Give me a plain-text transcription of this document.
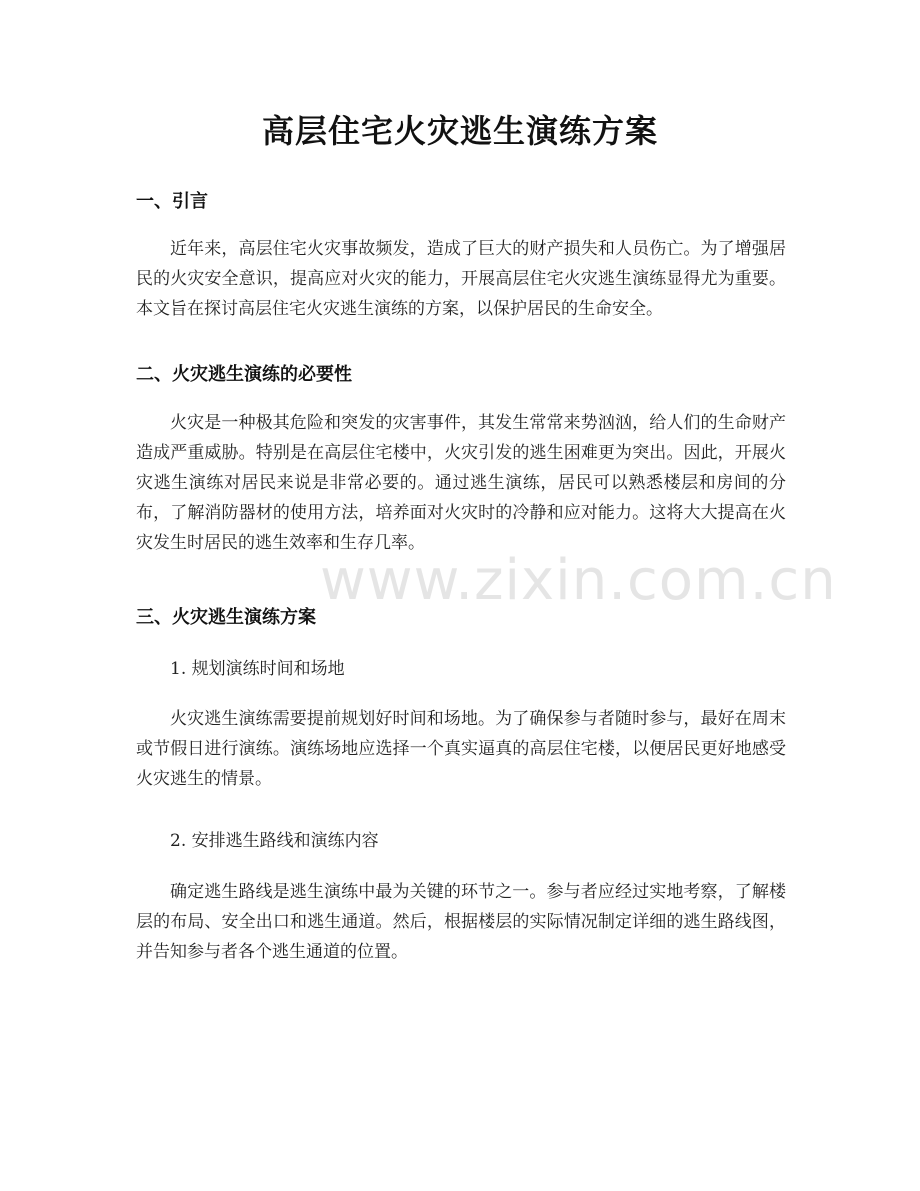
高层住宅火灾逃生演练方案
一、引言
近年来，高层住宅火灾事故频发，造成了巨大的财产损失和人员伤亡。为了增强居民的火灾安全意识，提高应对火灾的能力，开展高层住宅火灾逃生演练显得尤为重要。本文旨在探讨高层住宅火灾逃生演练的方案，以保护居民的生命安全。
二、火灾逃生演练的必要性
火灾是一种极其危险和突发的灾害事件，其发生常常来势汹汹，给人们的生命财产造成严重威胁。特别是在高层住宅楼中，火灾引发的逃生困难更为突出。因此，开展火灾逃生演练对居民来说是非常必要的。通过逃生演练，居民可以熟悉楼层和房间的分布，了解消防器材的使用方法，培养面对火灾时的冷静和应对能力。这将大大提高在火灾发生时居民的逃生效率和生存几率。
三、火灾逃生演练方案
1. 规划演练时间和场地
火灾逃生演练需要提前规划好时间和场地。为了确保参与者随时参与，最好在周末或节假日进行演练。演练场地应选择一个真实逼真的高层住宅楼，以便居民更好地感受火灾逃生的情景。
2. 安排逃生路线和演练内容
确定逃生路线是逃生演练中最为关键的环节之一。参与者应经过实地考察，了解楼层的布局、安全出口和逃生通道。然后，根据楼层的实际情况制定详细的逃生路线图，并告知参与者各个逃生通道的位置。
www.zixin.com.cn
